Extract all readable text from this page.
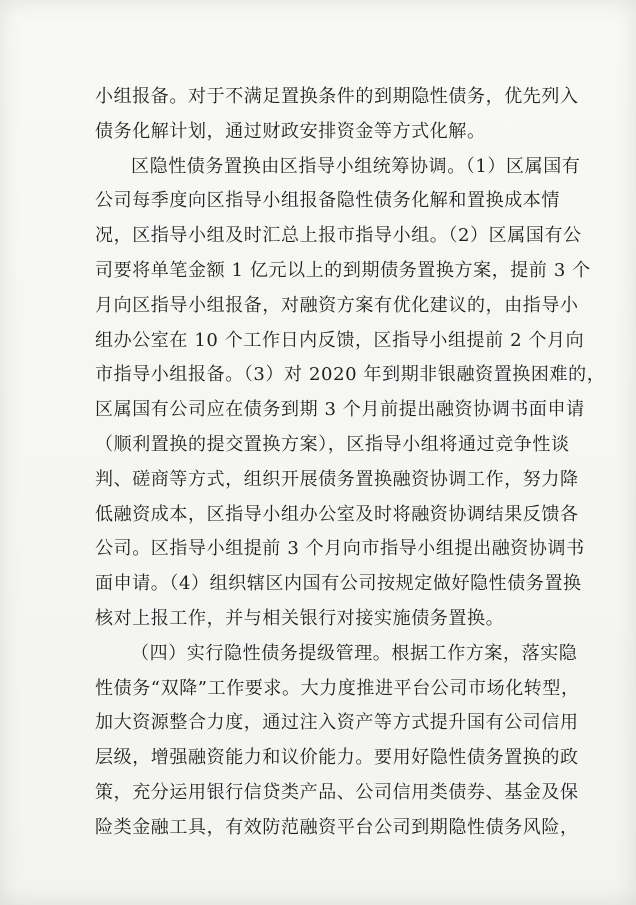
小组报备。对于不满足置换条件的到期隐性债务，优先列入
债务化解计划，通过财政安排资金等方式化解。
区隐性债务置换由区指导小组统筹协调。（1）区属国有
公司每季度向区指导小组报备隐性债务化解和置换成本情
况，区指导小组及时汇总上报市指导小组。（2）区属国有公
司要将单笔金额 1 亿元以上的到期债务置换方案，提前 3 个
月向区指导小组报备，对融资方案有优化建议的，由指导小
组办公室在 10 个工作日内反馈，区指导小组提前 2 个月向
市指导小组报备。（3）对 2020 年到期非银融资置换困难的，
区属国有公司应在债务到期 3 个月前提出融资协调书面申请
（顺利置换的提交置换方案），区指导小组将通过竞争性谈
判、磋商等方式，组织开展债务置换融资协调工作，努力降
低融资成本，区指导小组办公室及时将融资协调结果反馈各
公司。区指导小组提前 3 个月向市指导小组提出融资协调书
面申请。（4）组织辖区内国有公司按规定做好隐性债务置换
核对上报工作，并与相关银行对接实施债务置换。
（四）实行隐性债务提级管理。根据工作方案，落实隐
性债务“双降”工作要求。大力度推进平台公司市场化转型，
加大资源整合力度，通过注入资产等方式提升国有公司信用
层级，增强融资能力和议价能力。要用好隐性债务置换的政
策，充分运用银行信贷类产品、公司信用类债券、基金及保
险类金融工具，有效防范融资平台公司到期隐性债务风险，
